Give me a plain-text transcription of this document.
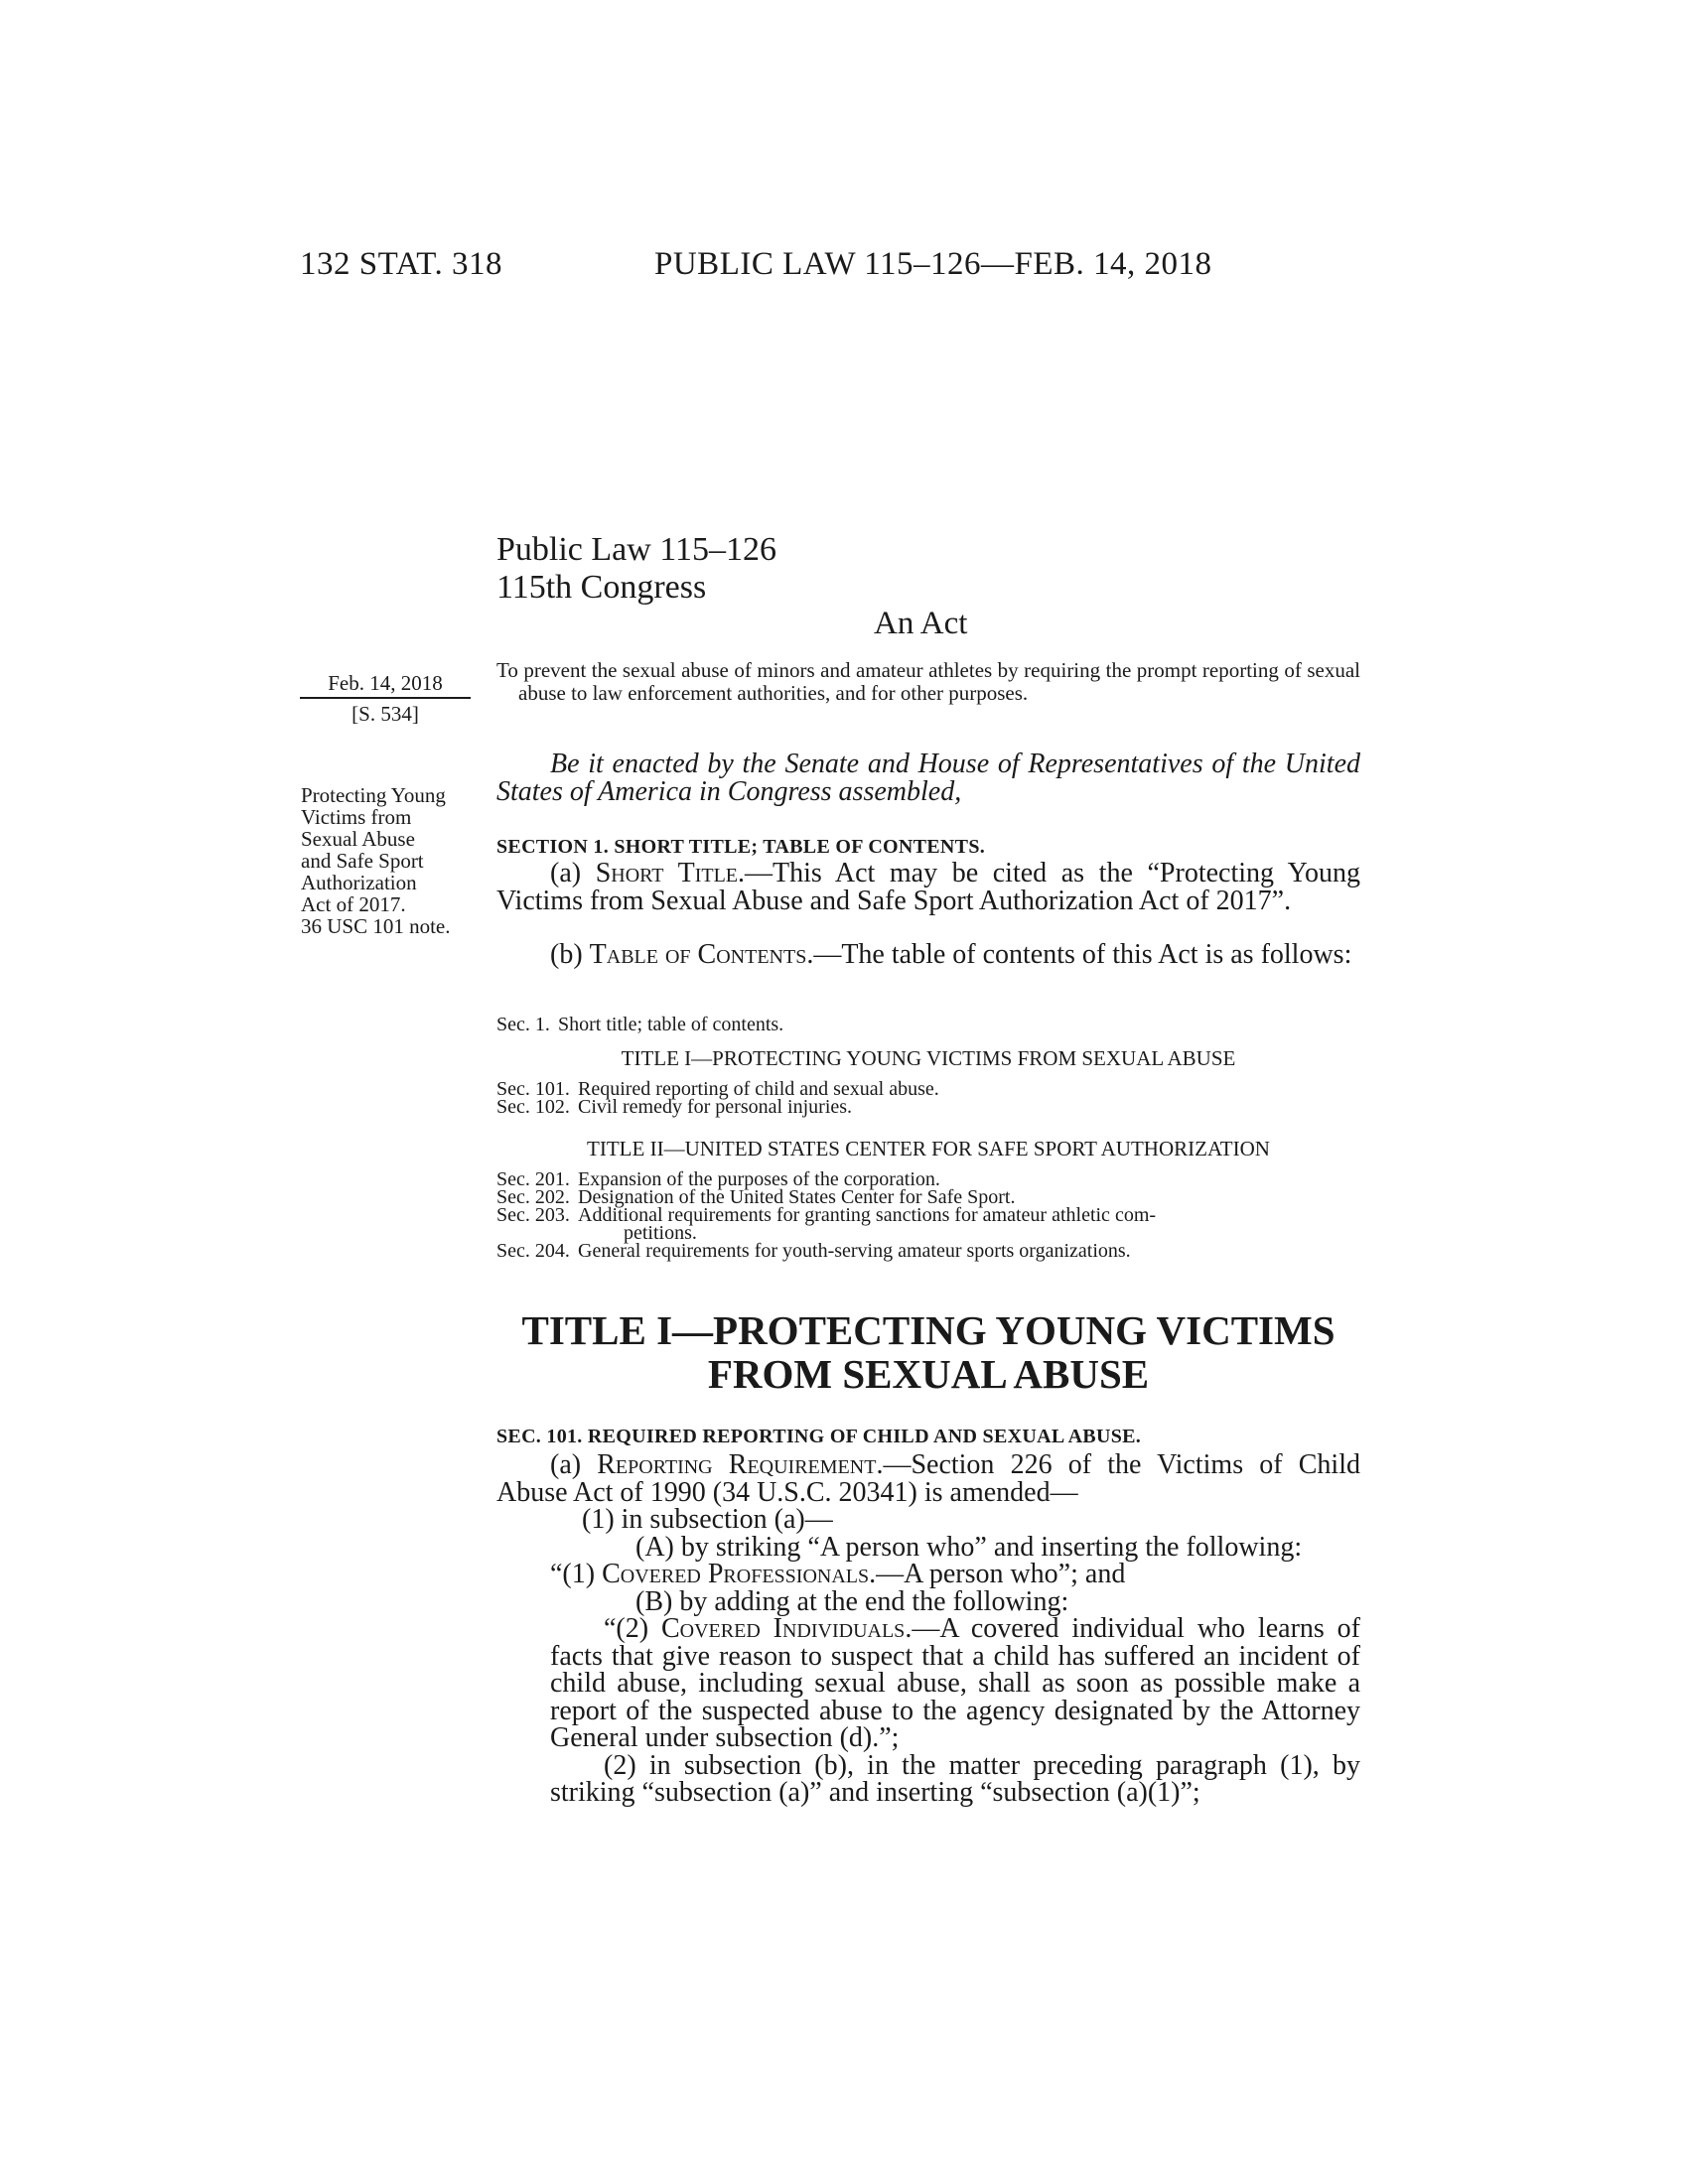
132 STAT. 318	PUBLIC LAW 115–126—FEB. 14, 2018
Public Law 115–126
115th Congress
An Act
Feb. 14, 2018
[S. 534]
Protecting Young
Victims from
Sexual Abuse
and Safe Sport
Authorization
Act of 2017.
36 USC 101 note.

To prevent the sexual abuse of minors and amateur athletes by requiring the prompt reporting of sexual abuse to law enforcement authorities, and for other purposes.

Be it enacted by the Senate and House of Representatives of the United States of America in Congress assembled,

SECTION 1. SHORT TITLE; TABLE OF CONTENTS.

(a) Short Title.—This Act may be cited as the “Protecting Young Victims from Sexual Abuse and Safe Sport Authorization Act of 2017”.

(b) Table of Contents.—The table of contents of this Act is as follows:

Sec. 1. Short title; table of contents.
TITLE I—PROTECTING YOUNG VICTIMS FROM SEXUAL ABUSE
Sec. 101. Required reporting of child and sexual abuse.
Sec. 102. Civil remedy for personal injuries.
TITLE II—UNITED STATES CENTER FOR SAFE SPORT AUTHORIZATION
Sec. 201. Expansion of the purposes of the corporation.
Sec. 202. Designation of the United States Center for Safe Sport.
Sec. 203. Additional requirements for granting sanctions for amateur athletic com-
petitions.
Sec. 204. General requirements for youth-serving amateur sports organizations.
TITLE I—PROTECTING YOUNG VICTIMS
FROM SEXUAL ABUSE
SEC. 101. REQUIRED REPORTING OF CHILD AND SEXUAL ABUSE.

(a) Reporting Requirement.—Section 226 of the Victims of Child Abuse Act of 1990 (34 U.S.C. 20341) is amended—

(1) in subsection (a)—

(A) by striking “A person who” and inserting the following:

“(1) Covered Professionals.—A person who”; and

(B) by adding at the end the following:

“(2) Covered Individuals.—A covered individual who learns of facts that give reason to suspect that a child has suffered an incident of child abuse, including sexual abuse, shall as soon as possible make a report of the suspected abuse to the agency designated by the Attorney General under subsection (d).”;

(2) in subsection (b), in the matter preceding paragraph (1), by striking “subsection (a)” and inserting “subsection (a)(1)”;
